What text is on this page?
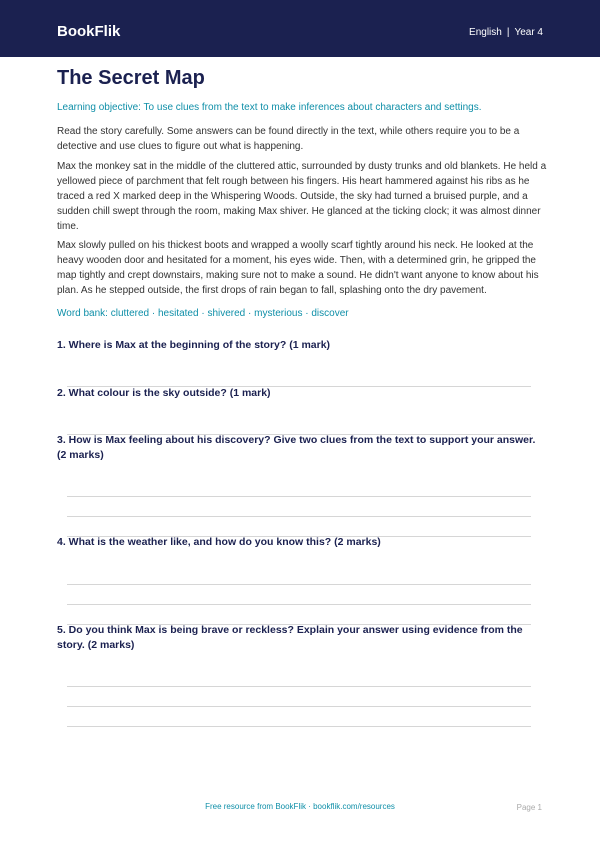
BookFlik	English | Year 4
The Secret Map
Learning objective: To use clues from the text to make inferences about characters and settings.

Read the story carefully. Some answers can be found directly in the text, while others require you to be a detective and use clues to figure out what is happening.

Max the monkey sat in the middle of the cluttered attic, surrounded by dusty trunks and old blankets. He held a yellowed piece of parchment that felt rough between his fingers. His heart hammered against his ribs as he traced a red X marked deep in the Whispering Woods. Outside, the sky had turned a bruised purple, and a sudden chill swept through the room, making Max shiver. He glanced at the ticking clock; it was almost dinner time.

Max slowly pulled on his thickest boots and wrapped a woolly scarf tightly around his neck. He looked at the heavy wooden door and hesitated for a moment, his eyes wide. Then, with a determined grin, he gripped the map tightly and crept downstairs, making sure not to make a sound. He didn't want anyone to know about his plan. As he stepped outside, the first drops of rain began to fall, splashing onto the dry pavement.

Word bank: cluttered · hesitated · shivered · mysterious · discover

1. Where is Max at the beginning of the story? (1 mark)

2. What colour is the sky outside? (1 mark)

3. How is Max feeling about his discovery? Give two clues from the text to support your answer. (2 marks)

4. What is the weather like, and how do you know this? (2 marks)

5. Do you think Max is being brave or reckless? Explain your answer using evidence from the story. (2 marks)

Free resource from BookFlik · bookflik.com/resources	Page 1
